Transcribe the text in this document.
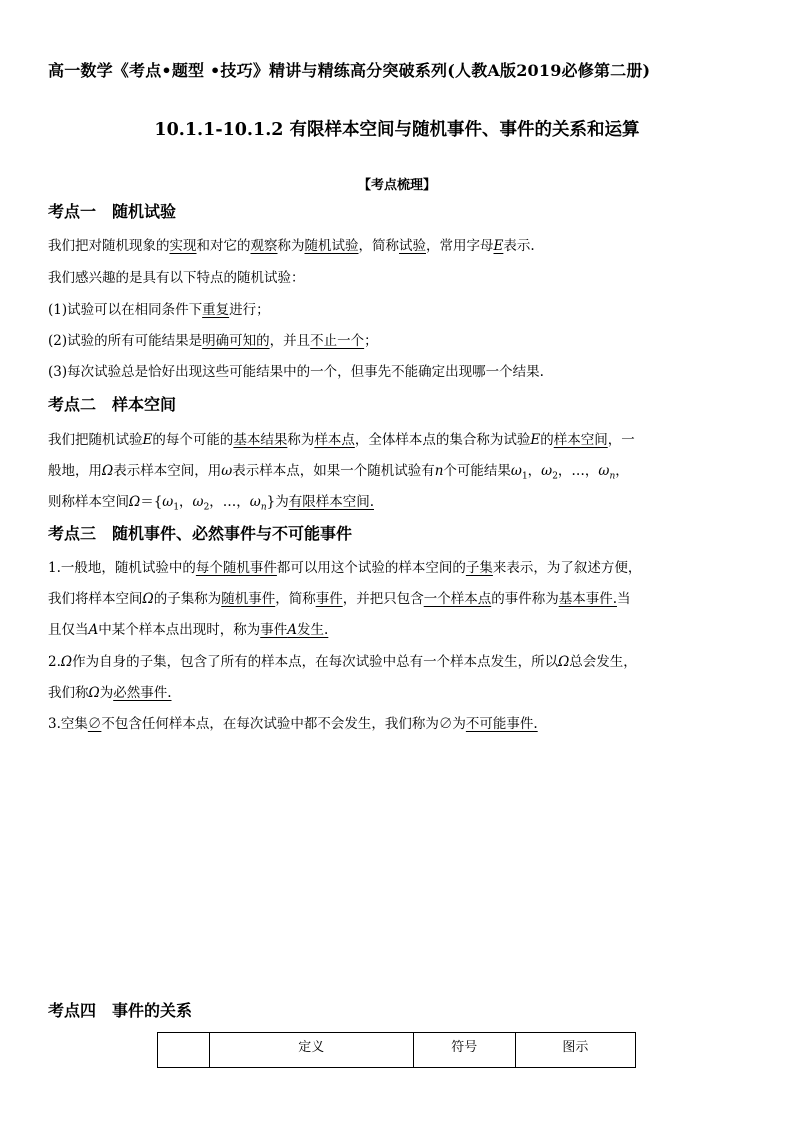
高一数学《考点•题型 •技巧》精讲与精练高分突破系列(人教A版2019必修第二册)
10.1.1-10.1.2 有限样本空间与随机事件、事件的关系和运算
【考点梳理】
考点一　随机试验
我们把对随机现象的实现和对它的观察称为随机试验，简称试验，常用字母E表示.
我们感兴趣的是具有以下特点的随机试验：
(1)试验可以在相同条件下重复进行；
(2)试验的所有可能结果是明确可知的，并且不止一个；
(3)每次试验总是恰好出现这些可能结果中的一个，但事先不能确定出现哪一个结果.
考点二　样本空间
我们把随机试验E的每个可能的基本结果称为样本点，全体样本点的集合称为试验E的样本空间，一
般地，用Ω表示样本空间，用ω表示样本点，如果一个随机试验有n个可能结果$\omega_1$，$\omega_2$，…，$\omega_n$，
则称样本空间$\Omega=\{\omega_1$，$\omega_2$，…，$\omega_n$}为有限样本空间.
考点三　随机事件、必然事件与不可能事件
1.一般地，随机试验中的每个随机事件都可以用这个试验的样本空间的子集来表示，为了叙述方便，
我们将样本空间Ω的子集称为随机事件，简称事件，并把只包含一个样本点的事件称为基本事件.当
且仅当A中某个样本点出现时，称为事件A发生.
2.Ω作为自身的子集，包含了所有的样本点，在每次试验中总有一个样本点发生，所以Ω总会发生，
我们称Ω为必然事件.
3.空集∅不包含任何样本点，在每次试验中都不会发生，我们称为∅为不可能事件.
考点四　事件的关系
	定义	符号	图示
